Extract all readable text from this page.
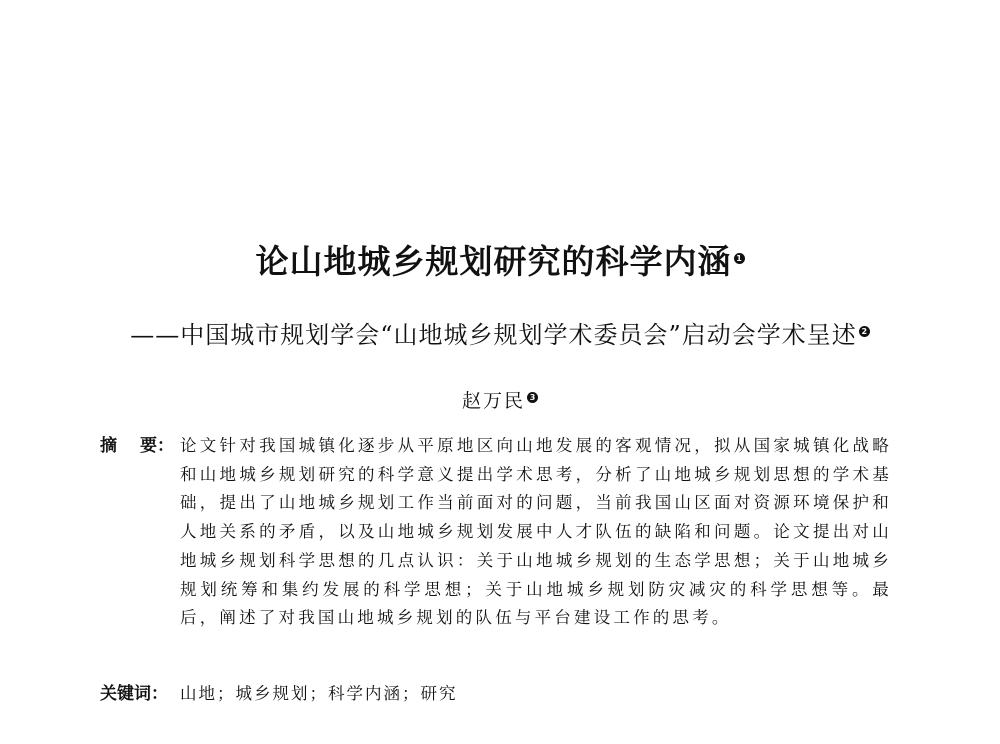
论山地城乡规划研究的科学内涵 1
——中国城市规划学会“山地城乡规划学术委员会”启动会学术呈述 2
赵万民 3
摘 要： 论文针对我国城镇化逐步从平原地区向山地发展的客观情况，拟从国家城镇化战略和山地城乡规划研究的科学意义提出学术思考，分析了山地城乡规划思想的学术基础，提出了山地城乡规划工作当前面对的问题，当前我国山区面对资源环境保护和人地关系的矛盾，以及山地城乡规划发展中人才队伍的缺陷和问题。论文提出对山地城乡规划科学思想的几点认识：关于山地城乡规划的生态学思想；关于山地城乡规划统筹和集约发展的科学思想；关于山地城乡规划防灾减灾的科学思想等。最后，阐述了对我国山地城乡规划的队伍与平台建设工作的思考。
关键词： 山地；城乡规划；科学内涵；研究
